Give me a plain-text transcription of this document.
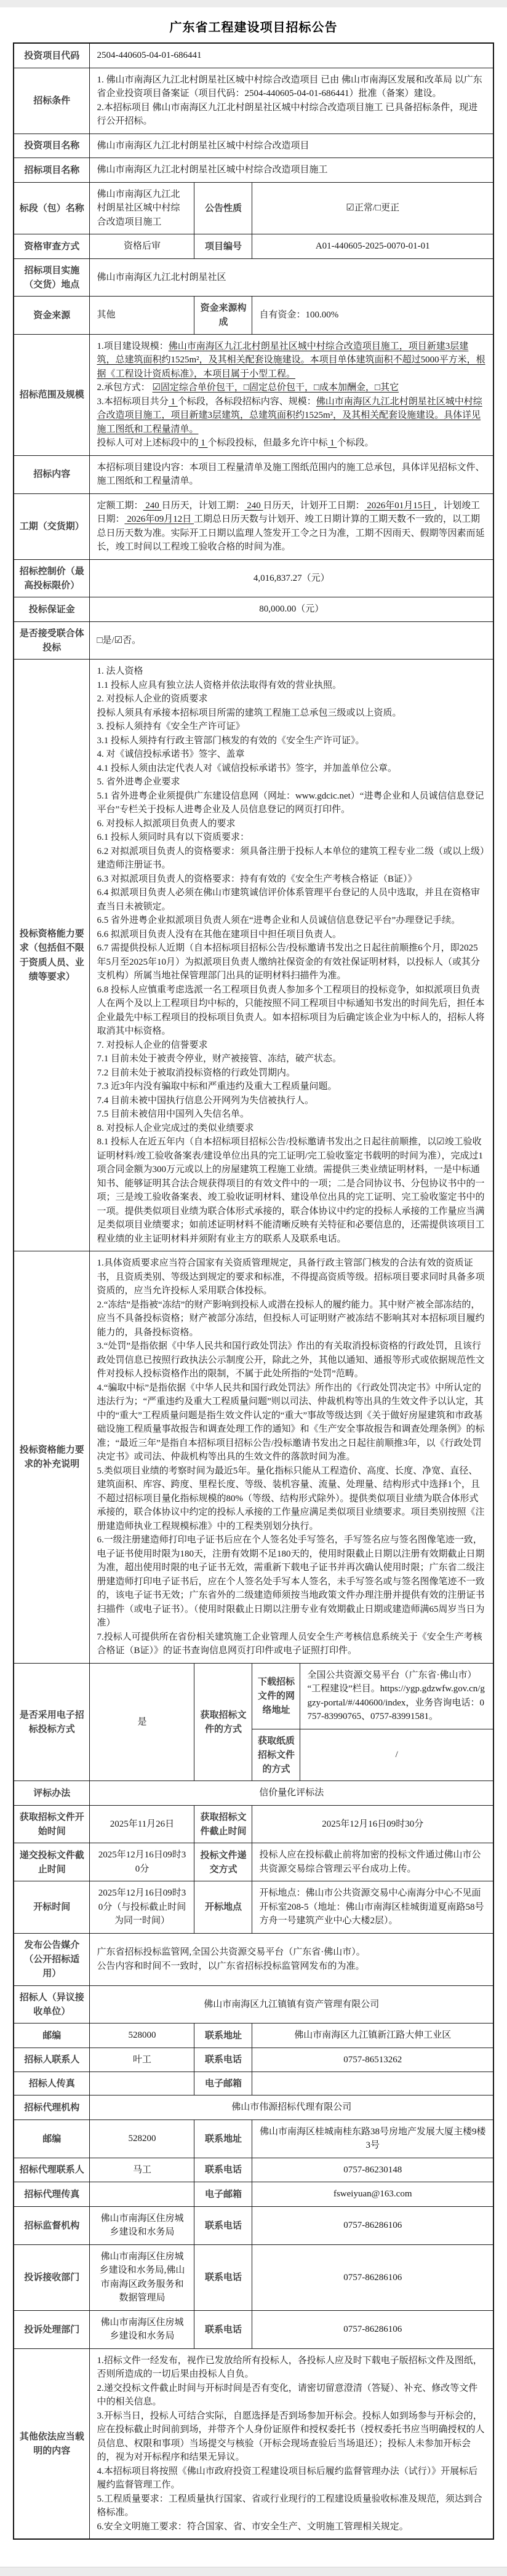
广东省工程建设项目招标公告
投资项目代码	2504-440605-04-01-686441			

招标条件	1. 佛山市南海区九江北村朗星社区城中村综合改造项目 已由 佛山市南海区发展和改革局 以广东省企业投资项目备案证（项目代码：2504-440605-04-01-686441）批准（备案）建设。
2.本招标项目 佛山市南海区九江北村朗星社区城中村综合改造项目施工 已具备招标条件，现进行公开招标。			

投资项目名称	佛山市南海区九江北村朗星社区城中村综合改造项目			

招标项目名称	佛山市南海区九江北村朗星社区城中村综合改造项目施工			

标段（包）名称	佛山市南海区九江北村朗星社区城中村综合改造项目施工	公告性质	☑正常/□更正	

资格审查方式	资格后审	项目编号	A01-440605-2025-0070-01-01	

招标项目实施（交货）地点	佛山市南海区九江北村朗星社区			

资金来源	其他	资金来源构成	自有资金：100.00%	

招标范围及规模	1.项目建设规模：佛山市南海区九江北村朗星社区城中村综合改造项目施工，项目新建3层建筑，总建筑面积约1525m²，及其相关配套设施建设。本项目单体建筑面积不超过5000平方米，根据《工程设计资质标准》，本项目属于小型工程。
2.承包方式： ☑固定综合单价包干，□固定总价包干，□成本加酬金，□其它
3.本招标项目共分 1 个标段，各标段招标内容、规模：佛山市南海区九江北村朗星社区城中村综合改造项目施工，项目新建3层建筑，总建筑面积约1525m²，及其相关配套设施建设。具体详见施工图纸和工程量清单。
投标人可对上述标段中的 1 个标段投标，但最多允许中标 1 个标段。			

招标内容	本招标项目建设内容：本项目工程量清单及施工图纸范围内的施工总承包，具体详见招标文件、施工图纸和工程量清单。			

工期（交货期）	定额工期： 240 日历天，计划工期： 240 日历天，计划开工日期： 2026年01月15日 ，计划竣工日期： 2026年09月12日 工期总日历天数与计划开、竣工日期计算的工期天数不一致的，以工期总日历天数为准。实际开工日期以监理人签发开工令之日为准，工期不因雨天、假期等因素而延长，竣工时间以工程竣工验收合格的时间为准。			

招标控制价（最高投标限价）	4,016,837.27（元）			

投标保证金	80,000.00（元）			

是否接受联合体投标	□是/☑否。			

投标资格能力要求（包括但不限于资质人员、业绩等要求）	
1. 法人资格
1.1 投标人应具有独立法人资格并依法取得有效的营业执照。
2. 对投标人企业的资质要求
投标人须具有承接本招标项目所需的建筑工程施工总承包三级或以上资质。
3. 投标人须持有《安全生产许可证》
3.1 投标人须持有行政主管部门核发的有效的《安全生产许可证》。
4. 对《诚信投标承诺书》签字、盖章
4.1 投标人须由法定代表人对《诚信投标承诺书》签字，并加盖单位公章。
5. 省外进粤企业要求
5.1 省外进粤企业须提供广东建设信息网（网址：www.gdcic.net）“进粤企业和人员诚信信息登记平台”专栏关于投标人进粤企业及人员信息登记的网页打印件。
6. 对投标人拟派项目负责人的要求
6.1 投标人须同时具有以下资质要求：
6.2 对拟派项目负责人的资格要求：须具备注册于投标人本单位的建筑工程专业二级（或以上级）建造师注册证书。
6.3 对拟派项目负责人的资格要求：持有有效的《安全生产考核合格证（B证）》
6.4 拟派项目负责人必须在佛山市建筑诚信评价体系管理平台登记的人员中选取，并且在资格审查当日未被锁定。
6.5 省外进粤企业拟派项目负责人须在“进粤企业和人员诚信信息登记平台”办理登记手续。
6.6 拟派项目负责人没有在其他在建项目中担任项目负责人。
6.7 需提供投标人近期（自本招标项目招标公告/投标邀请书发出之日起往前顺推6个月，即2025年5月至2025年10月）为拟派项目负责人缴纳社保资金的有效社保证明材料，以投标人（或其分支机构）所属当地社保管理部门出具的证明材料扫描件为准。
6.8 投标人应慎重考虑选派一名工程项目负责人参加多个工程项目的投标竞争，如拟派项目负责人在两个及以上工程项目均中标的，只能按照不同工程项目中标通知书发出的时间先后，担任本企业最先中标工程项目的投标项目负责人。如本招标项目为后确定该企业为中标人的，招标人将取消其中标资格。
7. 对投标人企业的信誉要求
7.1 目前未处于被责令停业，财产被接管、冻结，破产状态。
7.2 目前未处于被取消投标资格的行政处罚期内。
7.3 近3年内没有骗取中标和严重违约及重大工程质量问题。
7.4 目前未被中国执行信息公开网列为失信被执行人。
7.5 目前未被信用中国列入失信名单。
8. 对投标人企业完成过的类似业绩要求
8.1 投标人在近五年内（自本招标项目招标公告/投标邀请书发出之日起往前顺推，以☑竣工验收证明材料/竣工验收备案表/建设单位出具的完工证明/完工验收鉴定书载明的时间为准），完成过1项合同金额为300万元或以上的房屋建筑工程施工业绩。需提供三类业绩证明材料，一是中标通知书、能够证明其合法合规获得项目的有效文件中的一项；二是合同协议书、分包协议书中的一项；三是竣工验收备案表、竣工验收证明材料、建设单位出具的完工证明、完工验收鉴定书中的一项。提供类似项目业绩为联合体形式承接的，联合体协议中约定的投标人承接的工作量应当满足类似项目业绩要求；如前述证明材料不能清晰反映有关特征和必要信息的，还需提供该项目工程业绩的业主证明材料并须附有业主方的联系人及联系电话。

投标资格能力要求的补充说明	
1.具体资质要求应当符合国家有关资质管理规定，具备行政主管部门核发的合法有效的资质证书，且资质类别、等级达到规定的要求和标准，不得提高资质等级。招标项目要求同时具备多项资质的，应当允许投标人采用联合体投标。
2.“冻结”是指被“冻结”的财产影响到投标人或潜在投标人的履约能力。其中财产被全部冻结的，应当不具备投标资格；财产被部分冻结，但投标人可证明财产被冻结不影响其对本招标项目履约能力的，具备投标资格。
3.“处罚”是指依据《中华人民共和国行政处罚法》作出的有关取消投标资格的行政处罚，且该行政处罚信息已按照行政执法公示制度公开，除此之外，其他以通知、通报等形式或依据规范性文件对投标人投标资格作出的限制，不属于此处所指的“处罚”范畴。
4.“骗取中标”是指依据《中华人民共和国行政处罚法》所作出的《行政处罚决定书》中所认定的违法行为；“严重违约及重大工程质量问题”则以司法、仲裁机构等出具的生效文件予以认定，其中的“重大”工程质量问题是指生效文件认定的“重大”事故等级达到《关于做好房屋建筑和市政基础设施工程质量事故报告和调查处理工作的通知》和《生产安全事故报告和调查处理条例》的标准；“最近三年”是指自本招标项目招标公告/投标邀请书发出之日起往前顺推3年，以《行政处罚决定书》或司法、仲裁机构等出具的生效文件的落款时间为准。
5.类似项目业绩的考察时间为最近5年。量化指标只能从工程造价、高度、长度、净宽、直径、建筑面积、库容、跨度、里程长度、等级、装机容量、流量、处理量、结构形式中选择1个，且不超过招标项目量化指标规模的80%（等级、结构形式除外）。提供类似项目业绩为联合体形式承接的，联合体协议中约定的投标人承接的工作量应满足类似项目业绩要求。项目类别按照《注册建造师执业工程规模标准》中的工程类别划分执行。
6.一级注册建造师打印电子证书后应在个人签名处手写签名，手写签名应与签名图像笔迹一致，电子证书使用时限为180天，注册有效期不足180天的，使用时限截止日期以注册有效期截止日期为准，超出使用时限的电子证书无效，需重新下载电子证书并再次确认使用时限；广东省二级注册建造师打印电子证书后，应在个人签名处手写本人签名，未手写签名或与签名图像笔迹不一致的，该电子证书无效；广东省外的二级建造师须按当地政策文件办理注册并提供有效的注册证书扫描件（或电子证书）。（使用时限截止日期以注册专业有效期截止日期或建造师满65周岁当日为准）
7.投标人可提供所在省份相关建筑施工企业管理人员安全生产考核信息系统关于《安全生产考核合格证（B证）》的证书查询信息网页打印件或电子证照打印件。

是否采用电子招标投标方式	是	获取招标文件的方式	下载招标文件的网络地址	全国公共资源交易平台（广东省·佛山市）“工程建设”栏目。https://ygp.gdzwfw.gov.cn/ggzy-portal/#/440600/index，业务咨询电话：0757-83990765、0757-83991581。

			获取纸质招标文件的方式	/

评标办法	信价量化评标法			

获取招标文件开始时间	2025年11月26日	获取招标文件截止时间	2025年12月16日09时30分	

递交投标文件截止时间	2025年12月16日09时30分	投标文件递交方式	投标人应在投标截止前将加密的投标文件通过佛山市公共资源交易综合管理云平台成功上传。	

开标时间	2025年12月16日09时30分（与投标截止时间为同一时间）	开标地点	开标地点：佛山市公共资源交易中心南海分中心不见面开标室208-5（地址：佛山市南海区桂城街道夏南路58号方舟一号建筑产业中心大楼2层）。	

发布公告媒介（公开招标适用）	广东省招标投标监管网,全国公共资源交易平台（广东省·佛山市）。
公告内容和时间不一致时，以广东省招标投标监管网发布的为准。			

招标人（异议接收单位）	佛山市南海区九江镇镇有资产管理有限公司			

邮编	528000	联系地址	佛山市南海区九江镇新江路大伸工业区	

招标人联系人	叶工	联系电话	0757-86513262	

招标人传真		电子邮箱		
招标代理机构	佛山市伟源招标代理有限公司			

邮编	528200	联系地址	佛山市南海区桂城南桂东路38号房地产发展大厦主楼9楼3号	

招标代理联系人	马工	联系电话	0757-86230148	

招标代理传真		电子邮箱	fsweiyuan@163.com	

招标监督机构	佛山市南海区住房城乡建设和水务局	联系电话	0757-86286106	

投诉接收部门	佛山市南海区住房城乡建设和水务局,佛山市南海区政务服务和数据管理局	联系电话	0757-86286106	

投诉处理部门	佛山市南海区住房城乡建设和水务局	联系电话	0757-86286106	

其他依法应当载明的内容	
1.招标文件一经发布，视作已发放给所有投标人，各投标人应及时下载电子版招标文件及图纸，否则所造成的一切后果由投标人自负。
2.递交投标文件截止时间与开标时间是否有变化，请密切留意澄清（答疑）、补充、修改等文件中的相关信息。
3.开标当日，投标人可结合实际，自愿选择是否到场参加开标会。投标人如到场参与开标会的，应在投标截止时间前到场，并带齐个人身份证原件和授权委托书（授权委托书应当明确授权的人员信息、权限和事项）当场提交与核验（开标会现场查验后当场退还）；投标人未参加开标会的，视为对开标程序和结果无异议。
4.本招标项目将按照《佛山市政府投资工程建设项目标后履约监督管理办法（试行）》开展标后履约监督管理工作。
5.工程质量要求：工程质量执行国家、省或行业现行的工程建设质量验收标准及规范，须达到合格标准。
6.安全文明施工要求：符合国家、省、市安全生产、文明施工管理相关规定。
